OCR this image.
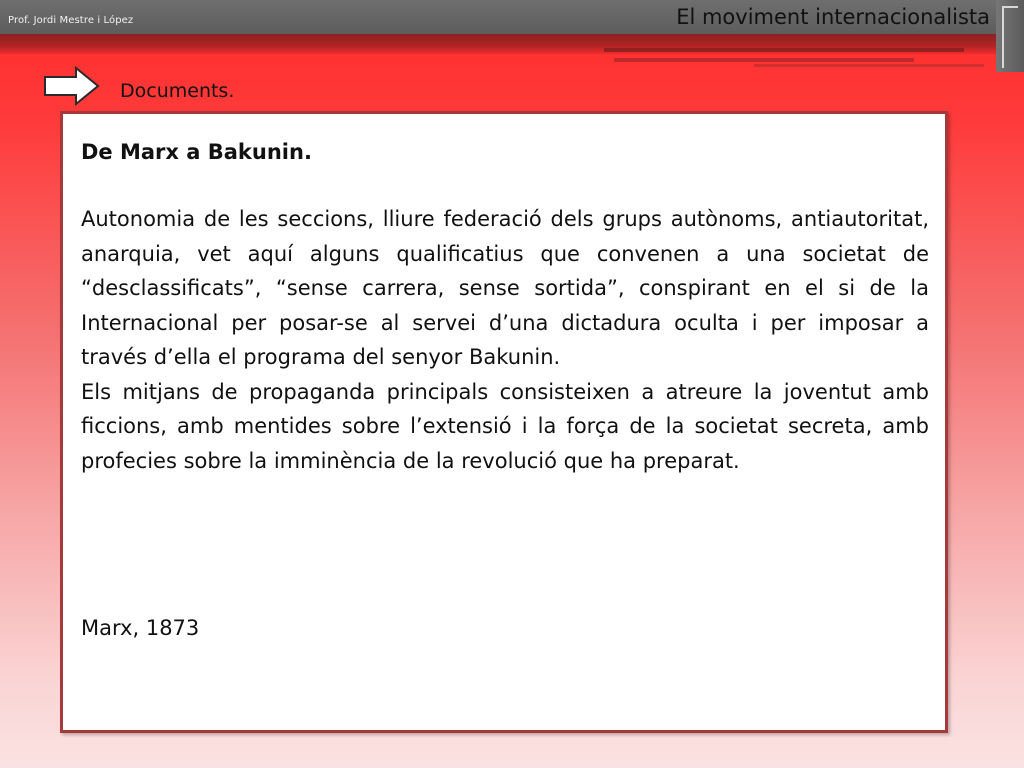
Prof. Jordi Mestre i López	El moviment internacionalista
Documents.
De Marx a Bakunin.

Autonomia de les seccions, lliure federació dels grups autònoms, antiautoritat, anarquia, vet aquí alguns qualificatius que convenen a una societat de “desclassificats”, “sense carrera, sense sortida”, conspirant en el si de la Internacional per posar-se al servei d’una dictadura oculta i per imposar a través d’ella el programa del senyor Bakunin.

Els mitjans de propaganda principals consisteixen a atreure la joventut amb ficcions, amb mentides sobre l’extensió i la força de la societat secreta, amb profecies sobre la imminència de la revolució que ha preparat.

Marx, 1873
